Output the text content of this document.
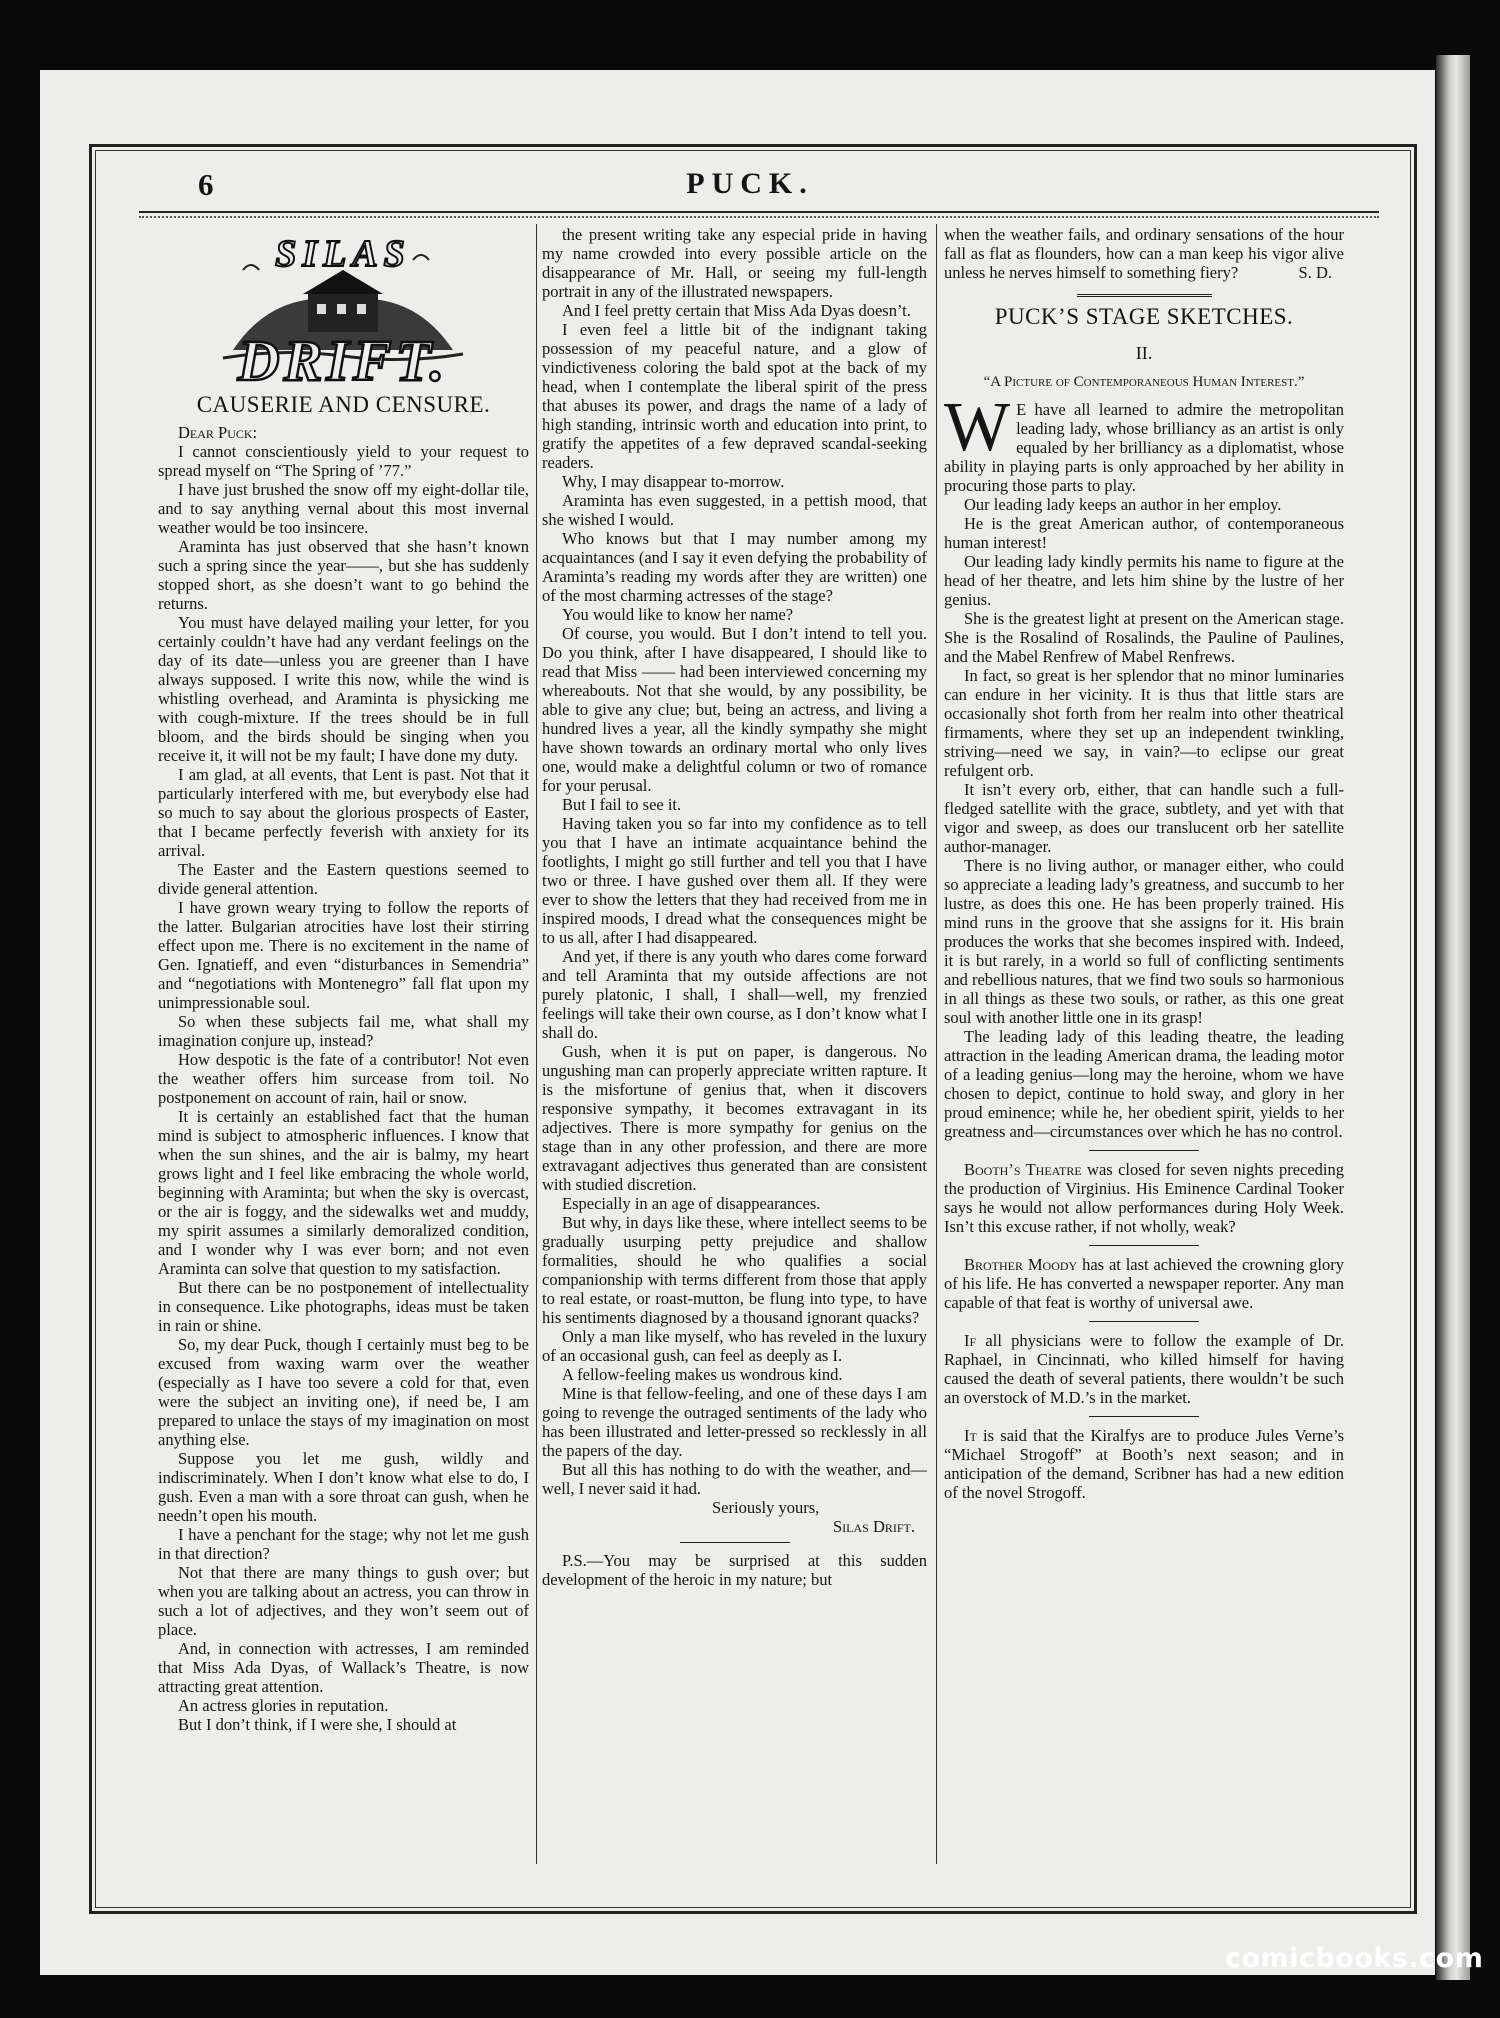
6	PUCK.
SILAS
DRIFT.

CAUSERIE AND CENSURE.

Dear Puck:

I cannot conscientiously yield to your request to spread myself on “The Spring of ’77.”

I have just brushed the snow off my eight-dollar tile, and to say anything vernal about this most invernal weather would be too insincere.

Araminta has just observed that she hasn’t known such a spring since the year——, but she has suddenly stopped short, as she doesn’t want to go behind the returns.

You must have delayed mailing your letter, for you certainly couldn’t have had any verdant feelings on the day of its date—unless you are greener than I have always supposed. I write this now, while the wind is whistling overhead, and Araminta is physicking me with cough-mixture. If the trees should be in full bloom, and the birds should be singing when you receive it, it will not be my fault; I have done my duty.

I am glad, at all events, that Lent is past. Not that it particularly interfered with me, but everybody else had so much to say about the glorious prospects of Easter, that I became perfectly feverish with anxiety for its arrival.

The Easter and the Eastern questions seemed to divide general attention.

I have grown weary trying to follow the reports of the latter. Bulgarian atrocities have lost their stirring effect upon me. There is no excitement in the name of Gen. Ignatieff, and even “disturbances in Semendria” and “negotiations with Montenegro” fall flat upon my unimpressionable soul.

So when these subjects fail me, what shall my imagination conjure up, instead?

How despotic is the fate of a contributor! Not even the weather offers him surcease from toil. No postponement on account of rain, hail or snow.

It is certainly an established fact that the human mind is subject to atmospheric influences. I know that when the sun shines, and the air is balmy, my heart grows light and I feel like embracing the whole world, beginning with Araminta; but when the sky is overcast, or the air is foggy, and the sidewalks wet and muddy, my spirit assumes a similarly demoralized condition, and I wonder why I was ever born; and not even Araminta can solve that question to my satisfaction.

But there can be no postponement of intellectuality in consequence. Like photographs, ideas must be taken in rain or shine.

So, my dear Puck, though I certainly must beg to be excused from waxing warm over the weather (especially as I have too severe a cold for that, even were the subject an inviting one), if need be, I am prepared to unlace the stays of my imagination on most anything else.

Suppose you let me gush, wildly and indiscriminately. When I don’t know what else to do, I gush. Even a man with a sore throat can gush, when he needn’t open his mouth.

I have a penchant for the stage; why not let me gush in that direction?

Not that there are many things to gush over; but when you are talking about an actress, you can throw in such a lot of adjectives, and they won’t seem out of place.

And, in connection with actresses, I am reminded that Miss Ada Dyas, of Wallack’s Theatre, is now attracting great attention.

An actress glories in reputation.

But I don’t think, if I were she, I should at

the present writing take any especial pride in having my name crowded into every possible article on the disappearance of Mr. Hall, or seeing my full-length portrait in any of the illustrated newspapers.

And I feel pretty certain that Miss Ada Dyas doesn’t.

I even feel a little bit of the indignant taking possession of my peaceful nature, and a glow of vindictiveness coloring the bald spot at the back of my head, when I contemplate the liberal spirit of the press that abuses its power, and drags the name of a lady of high standing, intrinsic worth and education into print, to gratify the appetites of a few depraved scandal-seeking readers.

Why, I may disappear to-morrow.

Araminta has even suggested, in a pettish mood, that she wished I would.

Who knows but that I may number among my acquaintances (and I say it even defying the probability of Araminta’s reading my words after they are written) one of the most charming actresses of the stage?

You would like to know her name?

Of course, you would. But I don’t intend to tell you. Do you think, after I have disappeared, I should like to read that Miss —— had been interviewed concerning my whereabouts. Not that she would, by any possibility, be able to give any clue; but, being an actress, and living a hundred lives a year, all the kindly sympathy she might have shown towards an ordinary mortal who only lives one, would make a delightful column or two of romance for your perusal.

But I fail to see it.

Having taken you so far into my confidence as to tell you that I have an intimate acquaintance behind the footlights, I might go still further and tell you that I have two or three. I have gushed over them all. If they were ever to show the letters that they had received from me in inspired moods, I dread what the consequences might be to us all, after I had disappeared.

And yet, if there is any youth who dares come forward and tell Araminta that my outside affections are not purely platonic, I shall, I shall—well, my frenzied feelings will take their own course, as I don’t know what I shall do.

Gush, when it is put on paper, is dangerous. No ungushing man can properly appreciate written rapture. It is the misfortune of genius that, when it discovers responsive sympathy, it becomes extravagant in its adjectives. There is more sympathy for genius on the stage than in any other profession, and there are more extravagant adjectives thus generated than are consistent with studied discretion.

Especially in an age of disappearances.

But why, in days like these, where intellect seems to be gradually usurping petty prejudice and shallow formalities, should he who qualifies a social companionship with terms different from those that apply to real estate, or roast-mutton, be flung into type, to have his sentiments diagnosed by a thousand ignorant quacks?

Only a man like myself, who has reveled in the luxury of an occasional gush, can feel as deeply as I.

A fellow-feeling makes us wondrous kind.

Mine is that fellow-feeling, and one of these days I am going to revenge the outraged sentiments of the lady who has been illustrated and letter-pressed so recklessly in all the papers of the day.

But all this has nothing to do with the weather, and—well, I never said it had.

Seriously yours,

Silas Drift.

P.S.—You may be surprised at this sudden development of the heroic in my nature; but

when the weather fails, and ordinary sensations of the hour fall as flat as flounders, how can a man keep his vigor alive unless he nerves himself to something fiery?	S. D.

PUCK’S STAGE SKETCHES.

II.

“A Picture of Contemporaneous Human Interest.”

W E have all learned to admire the metropolitan leading lady, whose brilliancy as an artist is only equaled by her brilliancy as a diplomatist, whose ability in playing parts is only approached by her ability in procuring those parts to play.

Our leading lady keeps an author in her employ.

He is the great American author, of contemporaneous human interest!

Our leading lady kindly permits his name to figure at the head of her theatre, and lets him shine by the lustre of her genius.

She is the greatest light at present on the American stage. She is the Rosalind of Rosalinds, the Pauline of Paulines, and the Mabel Renfrew of Mabel Renfrews.

In fact, so great is her splendor that no minor luminaries can endure in her vicinity. It is thus that little stars are occasionally shot forth from her realm into other theatrical firmaments, where they set up an independent twinkling, striving—need we say, in vain?—to eclipse our great refulgent orb.

It isn’t every orb, either, that can handle such a full-fledged satellite with the grace, subtlety, and yet with that vigor and sweep, as does our translucent orb her satellite author-manager.

There is no living author, or manager either, who could so appreciate a leading lady’s greatness, and succumb to her lustre, as does this one. He has been properly trained. His mind runs in the groove that she assigns for it. His brain produces the works that she becomes inspired with. Indeed, it is but rarely, in a world so full of conflicting sentiments and rebellious natures, that we find two souls so harmonious in all things as these two souls, or rather, as this one great soul with another little one in its grasp!

The leading lady of this leading theatre, the leading attraction in the leading American drama, the leading motor of a leading genius—long may the heroine, whom we have chosen to depict, continue to hold sway, and glory in her proud eminence; while he, her obedient spirit, yields to her greatness and—circumstances over which he has no control.

Booth’s Theatre was closed for seven nights preceding the production of Virginius. His Eminence Cardinal Tooker says he would not allow performances during Holy Week. Isn’t this excuse rather, if not wholly, weak?

Brother Moody has at last achieved the crowning glory of his life. He has converted a newspaper reporter. Any man capable of that feat is worthy of universal awe.

If all physicians were to follow the example of Dr. Raphael, in Cincinnati, who killed himself for having caused the death of several patients, there wouldn’t be such an overstock of M.D.’s in the market.

It is said that the Kiralfys are to produce Jules Verne’s “Michael Strogoff” at Booth’s next season; and in anticipation of the demand, Scribner has had a new edition of the novel Strogoff.

comicbooks.com
